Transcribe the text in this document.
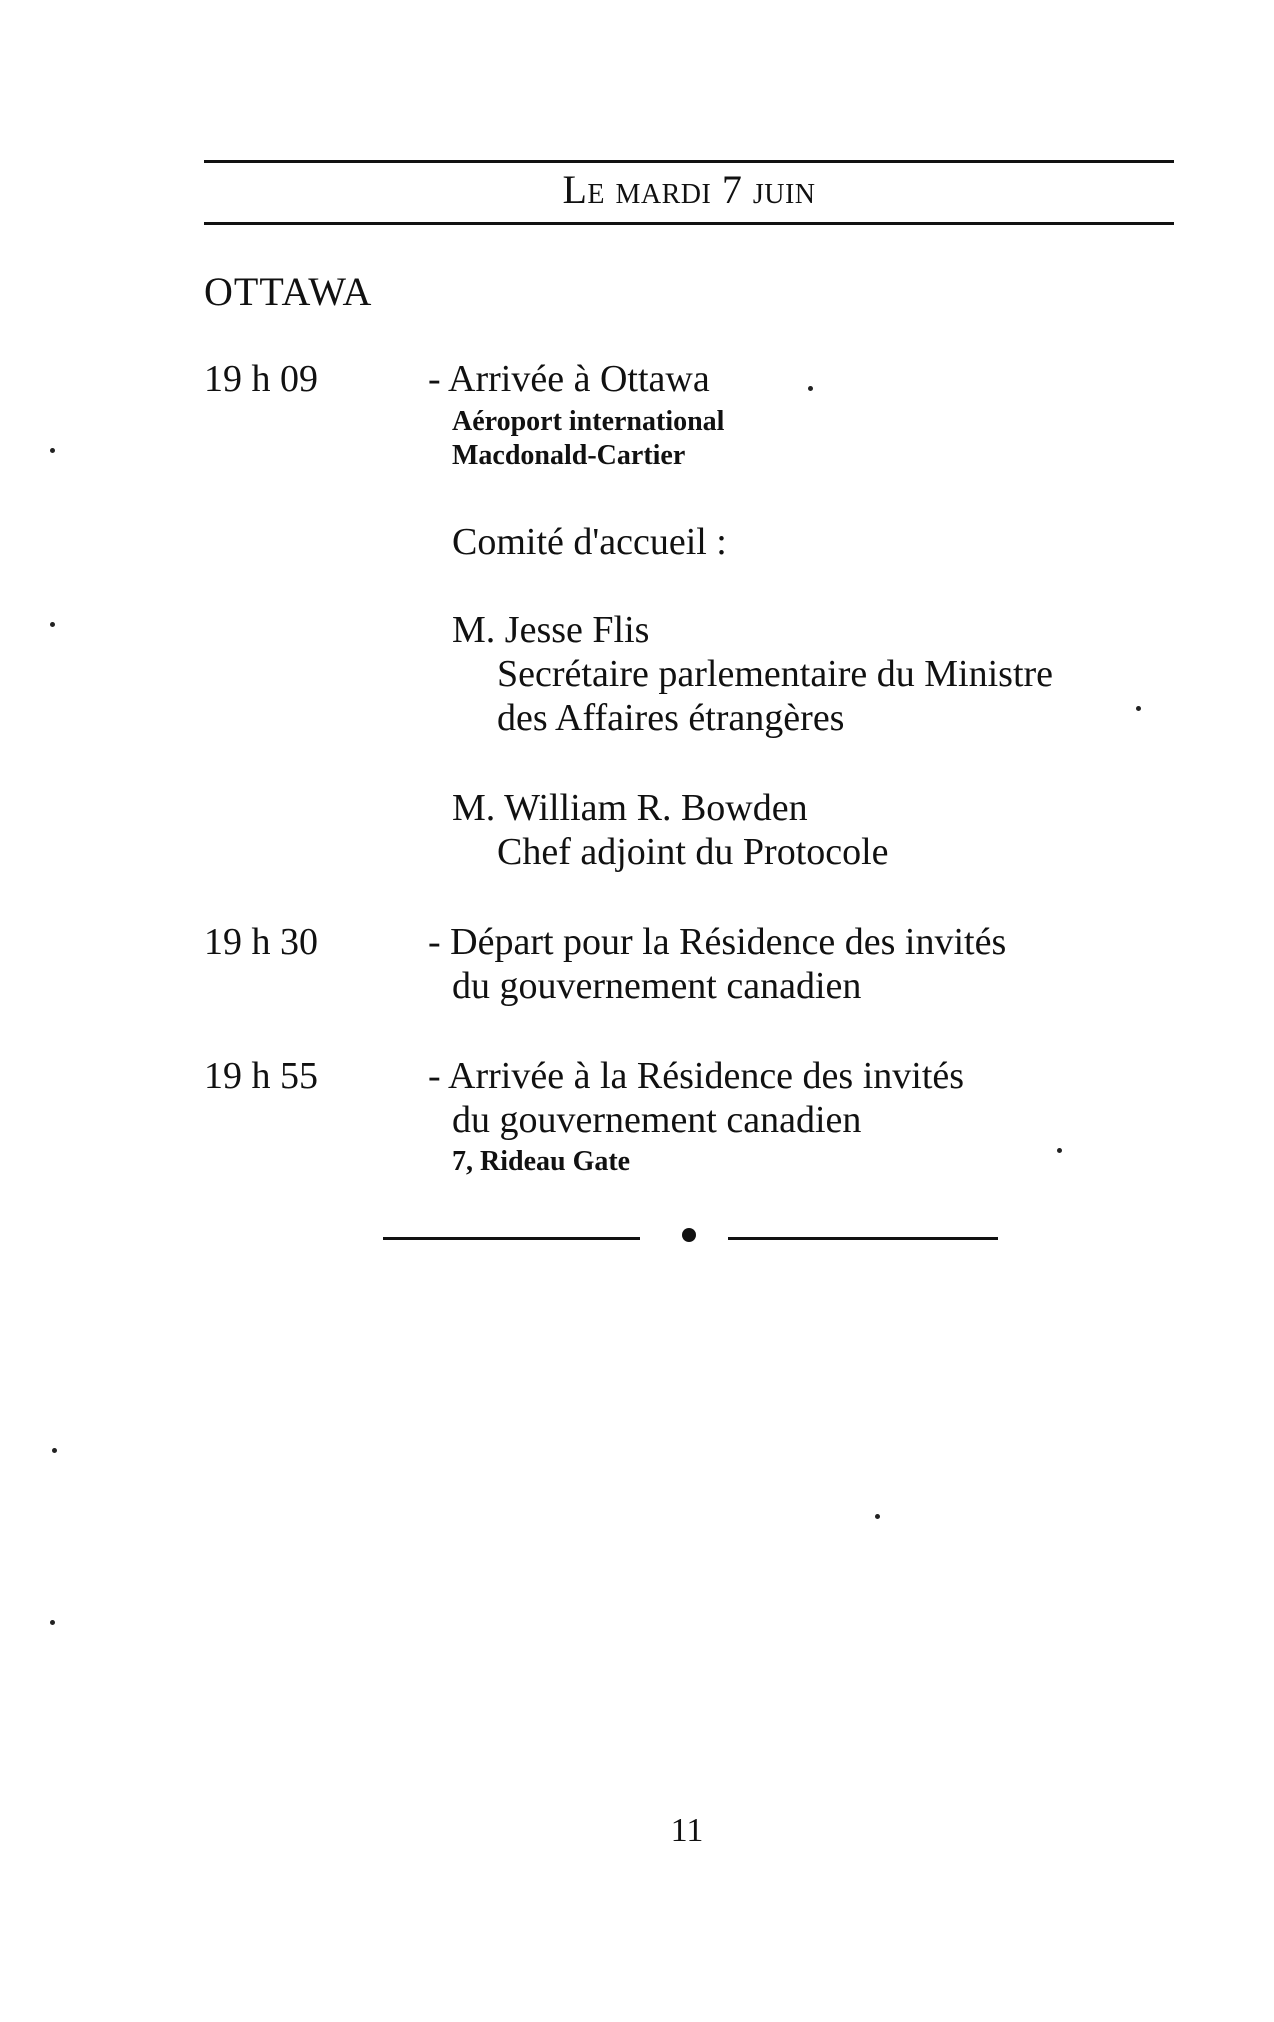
Le mardi 7 juin
OTTAWA
19 h 09	- Arrivée à Ottawa
Aéroport international
Macdonald-Cartier
Comité d'accueil :
M. Jesse Flis
Secrétaire parlementaire du Ministre
des Affaires étrangères
M. William R. Bowden
Chef adjoint du Protocole
19 h 30	- Départ pour la Résidence des invités
du gouvernement canadien
19 h 55	- Arrivée à la Résidence des invités
du gouvernement canadien
7, Rideau Gate
11
